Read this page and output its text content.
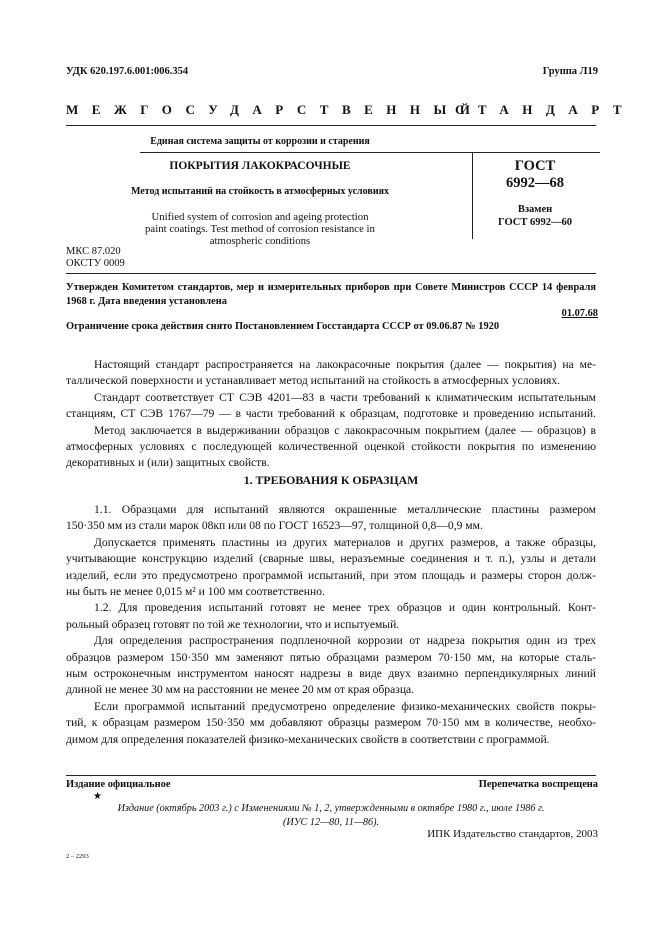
УДК 620.197.6.001:006.354	Группа Л19
МЕЖГОСУДАРСТВЕННЫЙ
СТАНДАРТ
Единая система защиты от коррозии и старения
ПОКРЫТИЯ ЛАКОКРАСОЧНЫЕ
Метод испытаний на стойкость в атмосферных условиях
Unified system of corrosion and ageing protection
paint coatings. Test method of corrosion resistance in
atmospheric conditions
ГОСТ
6992—68
Взамен
ГОСТ 6992—60
МКС 87.020
ОКСТУ 0009
Утвержден Комитетом стандартов, мер и измерительных приборов при Совете Министров СССР 14 февраля
1968 г. Дата введения установлена
01.07.68
Ограничение срока действия снято Постановлением Госстандарта СССР от 09.06.87 № 1920
Настоящий стандарт распространяется на лакокрасочные покрытия (далее — покрытия) на ме-
таллической поверхности и устанавливает метод испытаний на стойкость в атмосферных условиях.
Стандарт соответствует СТ СЭВ 4201—83 в части требований к климатическим испытательным
станциям, СТ СЭВ 1767—79 — в части требований к образцам, подготовке и проведению испытаний.
Метод заключается в выдерживании образцов с лакокрасочным покрытием (далее — образцов) в
атмосферных условиях с последующей количественной оценкой стойкости покрытия по изменению
декоративных и (или) защитных свойств.
1. ТРЕБОВАНИЯ К ОБРАЗЦАМ
1.1. Образцами для испытаний являются окрашенные металлические пластины размером
150·350 мм из стали марок 08кп или 08 по ГОСТ 16523—97, толщиной 0,8—0,9 мм.
Допускается применять пластины из других материалов и других размеров, а также образцы,
учитывающие конструкцию изделий (сварные швы, неразъемные соединения и т. п.), узлы и детали
изделий, если это предусмотрено программой испытаний, при этом площадь и размеры сторон долж-
ны быть не менее 0,015 м² и 100 мм соответственно.
1.2. Для проведения испытаний готовят не менее трех образцов и один контрольный. Конт-
рольный образец готовят по той же технологии, что и испытуемый.
Для определения распространения подпленочной коррозии от надреза покрытия один из трех
образцов размером 150·350 мм заменяют пятью образцами размером 70·150 мм, на которые сталь-
ным остроконечным инструментом наносят надрезы в виде двух взаимно перпендикулярных линий
длиной не менее 30 мм на расстоянии не менее 20 мм от края образца.
Если программой испытаний предусмотрено определение физико-механических свойств покры-
тий, к образцам размером 150·350 мм добавляют образцы размером 70·150 мм в количестве, необхо-
димом для определения показателей физико-механических свойств в соответствии с программой.
Издание официальное	Перепечатка воспрещена
★
Издание (октябрь 2003 г.) с Изменениями № 1, 2, утвержденными в октябре 1980 г., июле 1986 г.
(ИУС 12—80, 11—86).
ИПК Издательство стандартов, 2003
2 – 2293
